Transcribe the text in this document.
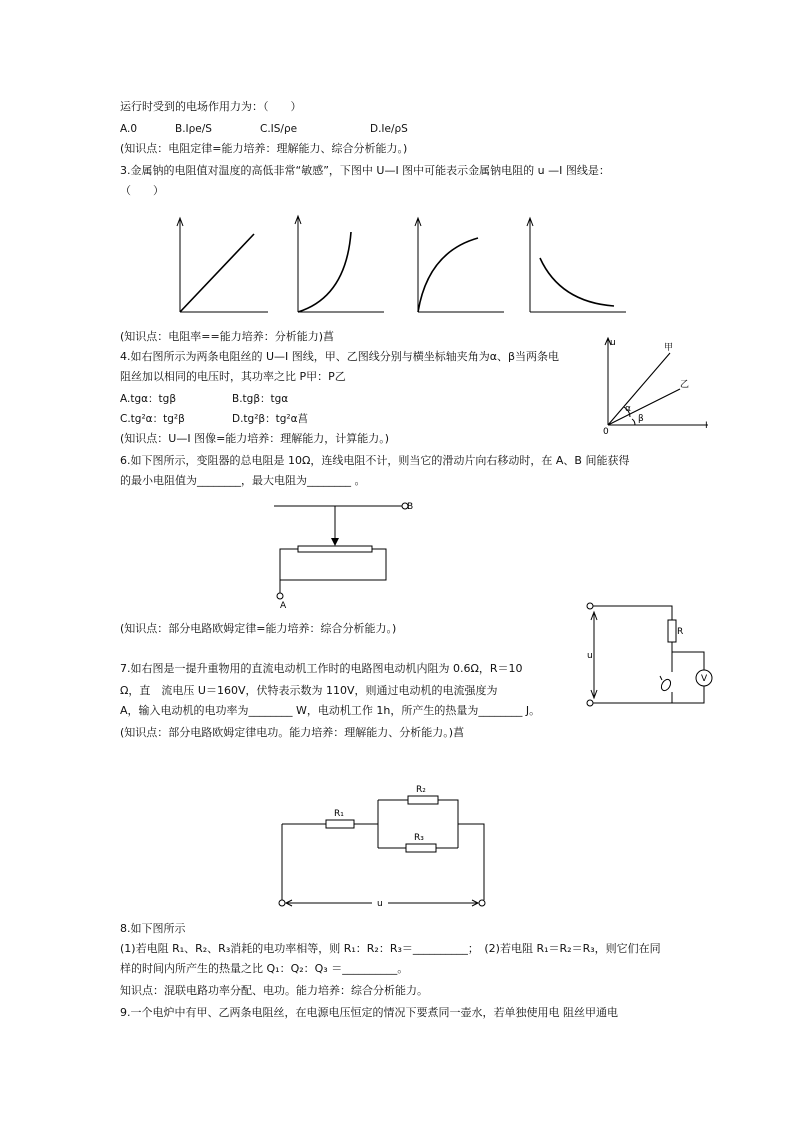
运行时受到的电场作用力为：（　　）
A.0	B.Iρe/S	C.IS/ρe	D.Ie/ρS
(知识点：电阻定律=能力培养：理解能力、综合分析能力。)
3.金属钠的电阻值对温度的高低非常“敏感”，下图中 U—I 图中可能表示金属钠电阻的 u —I 图线是：
（　　）
(知识点：电阻率==能力培养：分析能力)菖
4.如右图所示为两条电阻丝的 U—I 图线，甲、乙图线分别与横坐标轴夹角为α、β当两条电
阻丝加以相同的电压时，其功率之比 P甲：P乙
A.tgα：tgβ	B.tgβ：tgα
C.tg²α：tg²β	D.tg²β：tg²α菖
(知识点：U—I 图像=能力培养：理解能力，计算能力。)
u	甲
乙
0
I
α
β
6.如下图所示，变阻器的总电阻是 10Ω，连线电阻不计，则当它的滑动片向右移动时，在 A、B 间能获得
的最小电阻值为________，最大电阻为________ 。
B
A
(知识点：部分电路欧姆定律=能力培养：综合分析能力。)	R
u
V
7.如右图是一提升重物用的直流电动机工作时的电路图电动机内阻为 0.6Ω，R＝10
Ω，直　流电压 U＝160V，伏特表示数为 110V，则通过电动机的电流强度为
A，输入电动机的电功率为________ W，电动机工作 1h，所产生的热量为________ J。
(知识点：部分电路欧姆定律电功。能力培养：理解能力、分析能力。)菖
R₁
R₂
R₃
u
8.如下图所示
(1)若电阻 R₁、R₂、R₃消耗的电功率相等，则 R₁：R₂：R₃＝__________；　(2)若电阻 R₁＝R₂＝R₃，则它们在同
样的时间内所产生的热量之比 Q₁：Q₂：Q₃ ＝__________。
知识点：混联电路功率分配、电功。能力培养：综合分析能力。
9.一个电炉中有甲、乙两条电阻丝，在电源电压恒定的情况下要煮同一壶水，若单独使用电 阻丝甲通电
